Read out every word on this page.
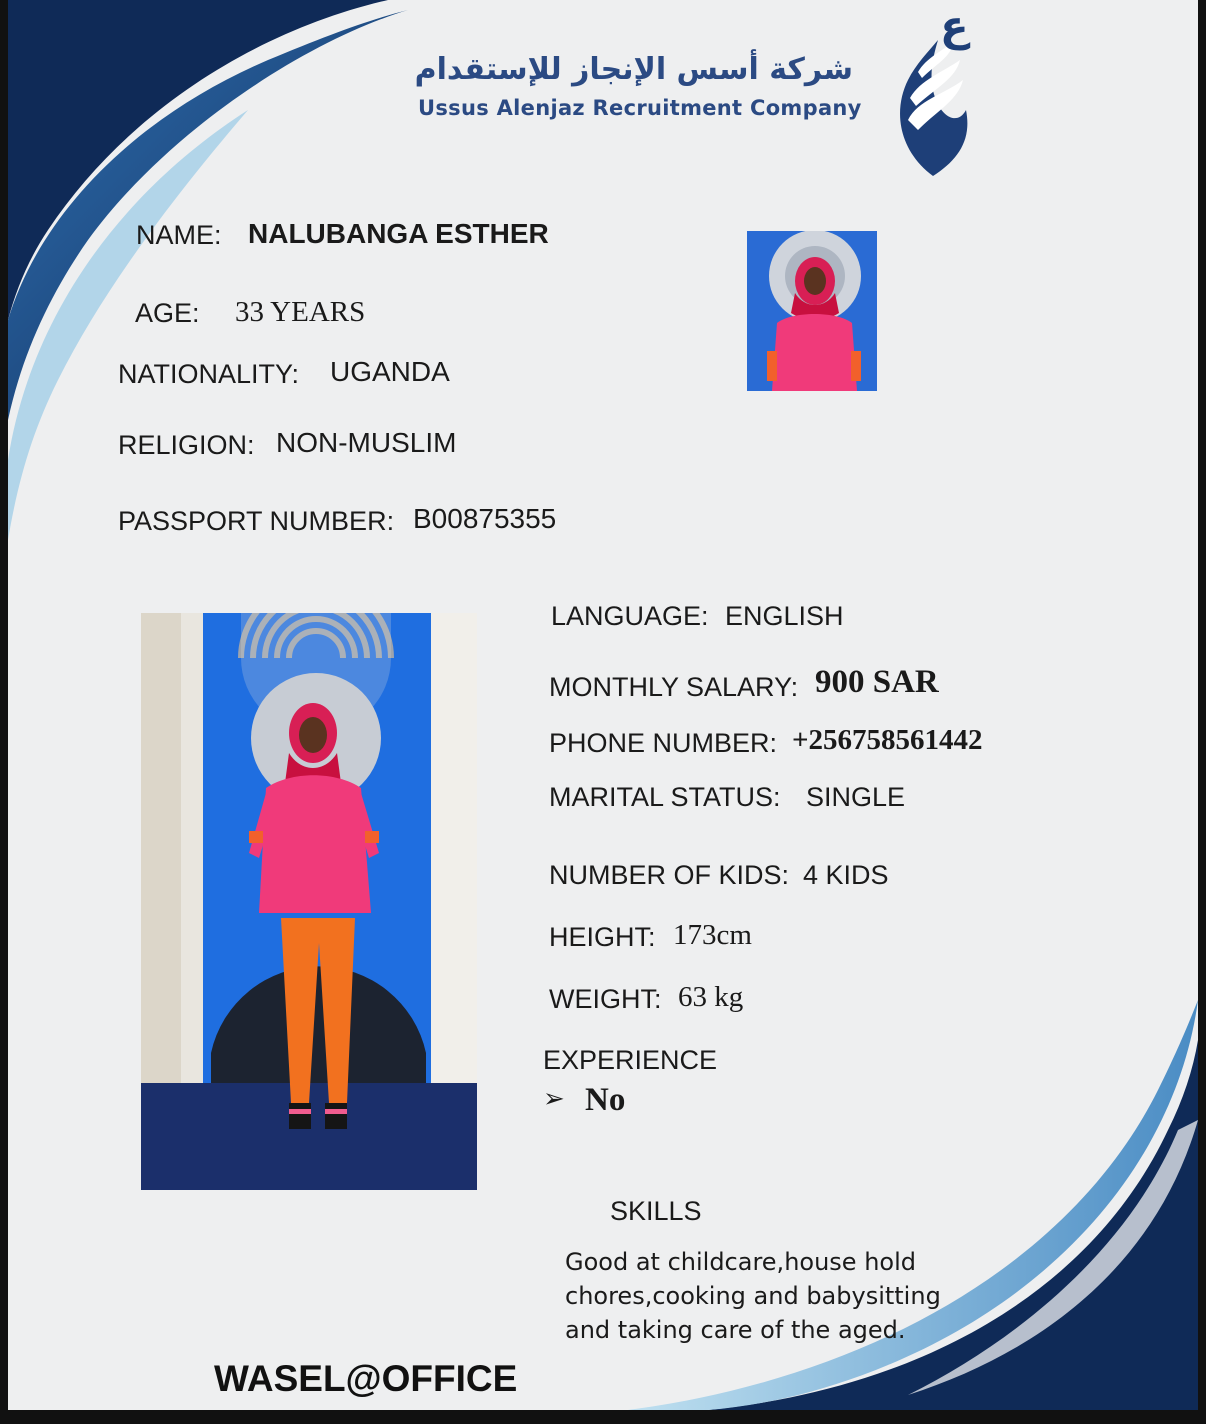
شركة أسس الإنجاز للإستقدام
Ussus Alenjaz Recruitment Company
ع
NAME: NALUBANGA ESTHER
AGE: 33 YEARS
NATIONALITY: UGANDA
RELIGION: NON-MUSLIM
PASSPORT NUMBER: B00875355
LANGUAGE: ENGLISH
MONTHLY SALARY: 900 SAR
PHONE NUMBER: +256758561442
MARITAL STATUS: SINGLE
NUMBER OF KIDS: 4 KIDS
HEIGHT: 173cm
WEIGHT: 63 kg
EXPERIENCE
➢ No
SKILLS
Good at childcare,house hold chores,cooking and babysitting and taking care of the aged.
WASEL@OFFICE
